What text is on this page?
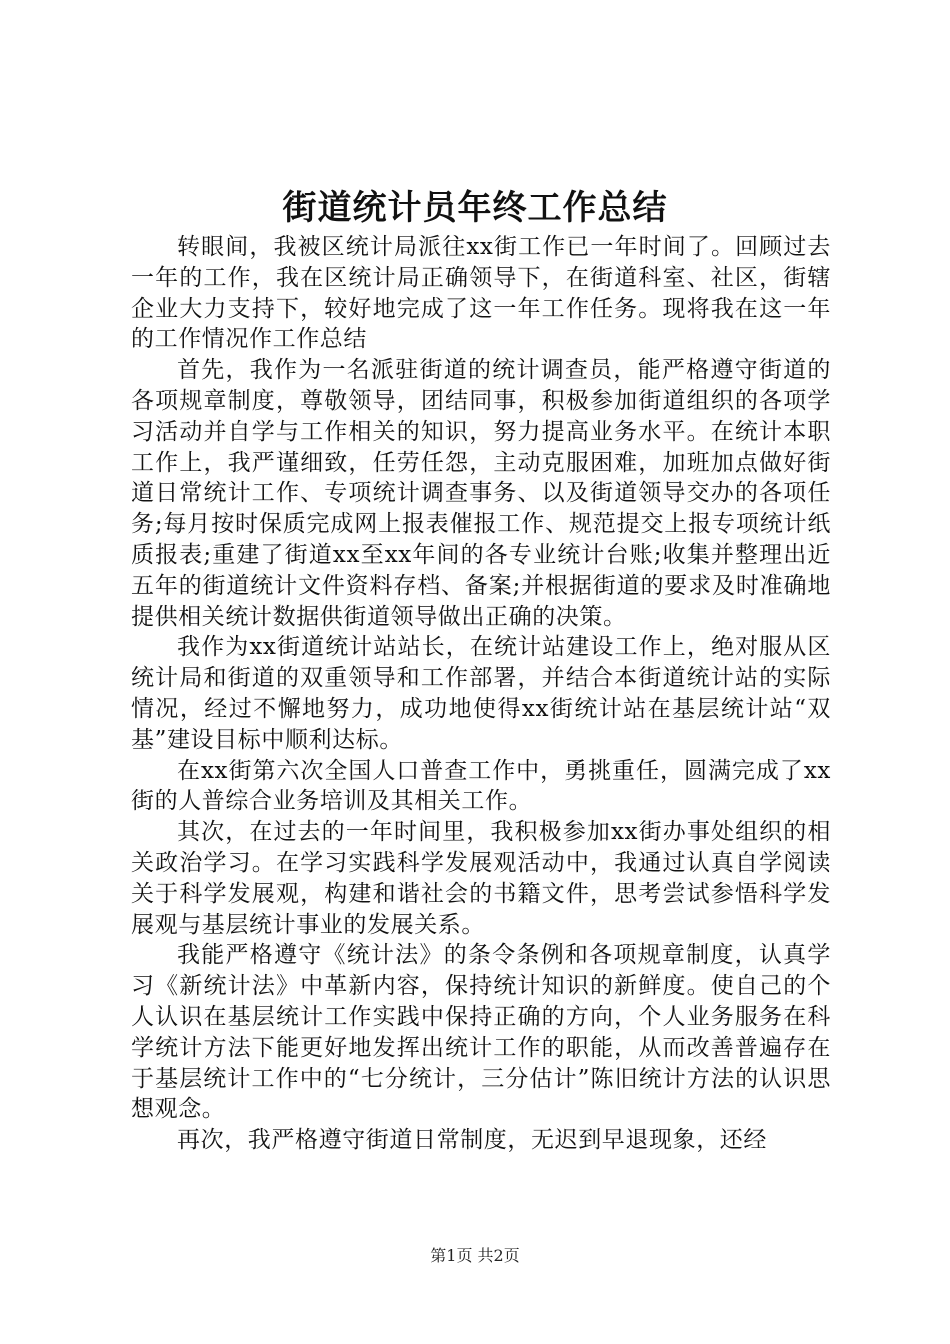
街道统计员年终工作总结

转眼间，我被区统计局派往xx街工作已一年时间了。回顾过去一年的工作，我在区统计局正确领导下，在街道科室、社区，街辖企业大力支持下，较好地完成了这一年工作任务。现将我在这一年的工作情况作工作总结

首先，我作为一名派驻街道的统计调查员，能严格遵守街道的各项规章制度，尊敬领导，团结同事，积极参加街道组织的各项学习活动并自学与工作相关的知识，努力提高业务水平。在统计本职工作上，我严谨细致，任劳任怨，主动克服困难，加班加点做好街道日常统计工作、专项统计调查事务、以及街道领导交办的各项任务;每月按时保质完成网上报表催报工作、规范提交上报专项统计纸质报表;重建了街道xx至xx年间的各专业统计台账;收集并整理出近五年的街道统计文件资料存档、备案;并根据街道的要求及时准确地提供相关统计数据供街道领导做出正确的决策。

我作为xx街道统计站站长，在统计站建设工作上，绝对服从区统计局和街道的双重领导和工作部署，并结合本街道统计站的实际情况，经过不懈地努力，成功地使得xx街统计站在基层统计站“双基”建设目标中顺利达标。

在xx街第六次全国人口普查工作中，勇挑重任，圆满完成了xx街的人普综合业务培训及其相关工作。

其次，在过去的一年时间里，我积极参加xx街办事处组织的相关政治学习。在学习实践科学发展观活动中，我通过认真自学阅读关于科学发展观，构建和谐社会的书籍文件，思考尝试参悟科学发展观与基层统计事业的发展关系。

我能严格遵守《统计法》的条令条例和各项规章制度，认真学习《新统计法》中革新内容，保持统计知识的新鲜度。使自己的个人认识在基层统计工作实践中保持正确的方向，个人业务服务在科学统计方法下能更好地发挥出统计工作的职能，从而改善普遍存在于基层统计工作中的“七分统计，三分估计”陈旧统计方法的认识思想观念。

再次，我严格遵守街道日常制度，无迟到早退现象，还经

第1页 共2页
